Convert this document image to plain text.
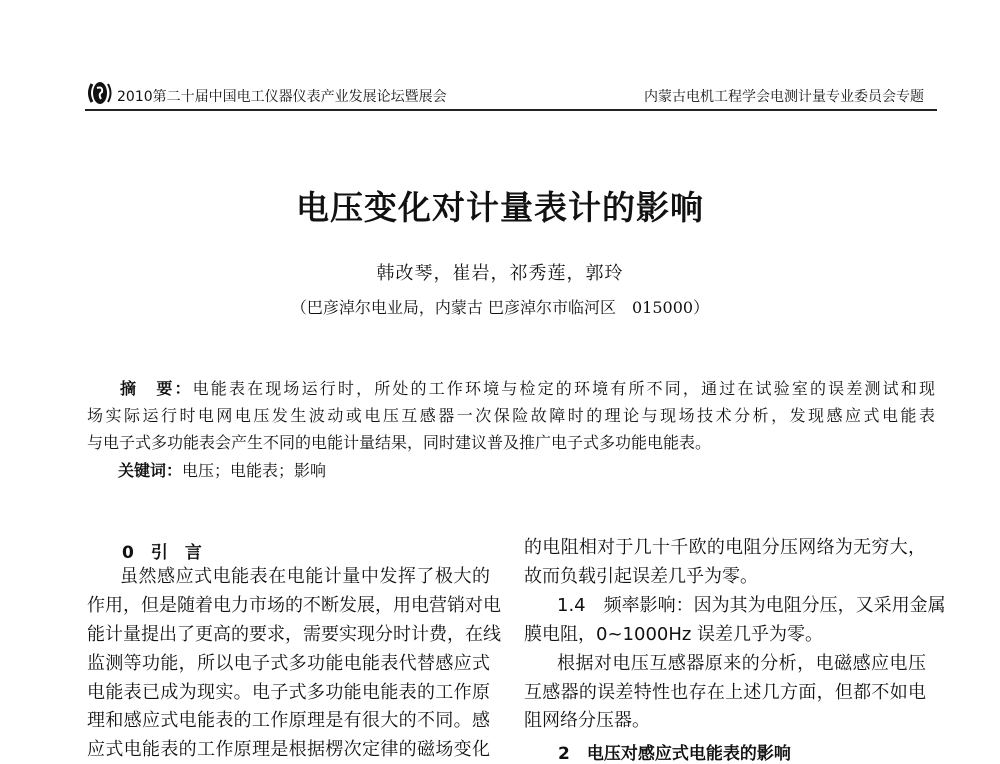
2010第二十届中国电工仪器仪表产业发展论坛暨展会	内蒙古电机工程学会电测计量专业委员会专题
电压变化对计量表计的影响
韩改琴，崔岩，祁秀莲，郭玲
（巴彦淖尔电业局，内蒙古 巴彦淖尔市临河区　015000）
摘　要：电能表在现场运行时，所处的工作环境与检定的环境有所不同，通过在试验室的误差测试和现
场实际运行时电网电压发生波动或电压互感器一次保险故障时的理论与现场技术分析，发现感应式电能表
与电子式多功能表会产生不同的电能计量结果，同时建议普及推广电子式多功能电能表。
关键词：电压；电能表；影响
0　引　言
虽然感应式电能表在电能计量中发挥了极大的
作用，但是随着电力市场的不断发展，用电营销对电
能计量提出了更高的要求，需要实现分时计费，在线
监测等功能，所以电子式多功能电能表代替感应式
电能表已成为现实。电子式多功能电能表的工作原
理和感应式电能表的工作原理是有很大的不同。感
应式电能表的工作原理是根据楞次定律的磁场变化
的电阻相对于几十千欧的电阻分压网络为无穷大，
故而负载引起误差几乎为零。
1.4　频率影响：因为其为电阻分压，又采用金属
膜电阻，0~1000Hz 误差几乎为零。
根据对电压互感器原来的分析，电磁感应电压
互感器的误差特性也存在上述几方面，但都不如电
阻网络分压器。
2　电压对感应式电能表的影响
